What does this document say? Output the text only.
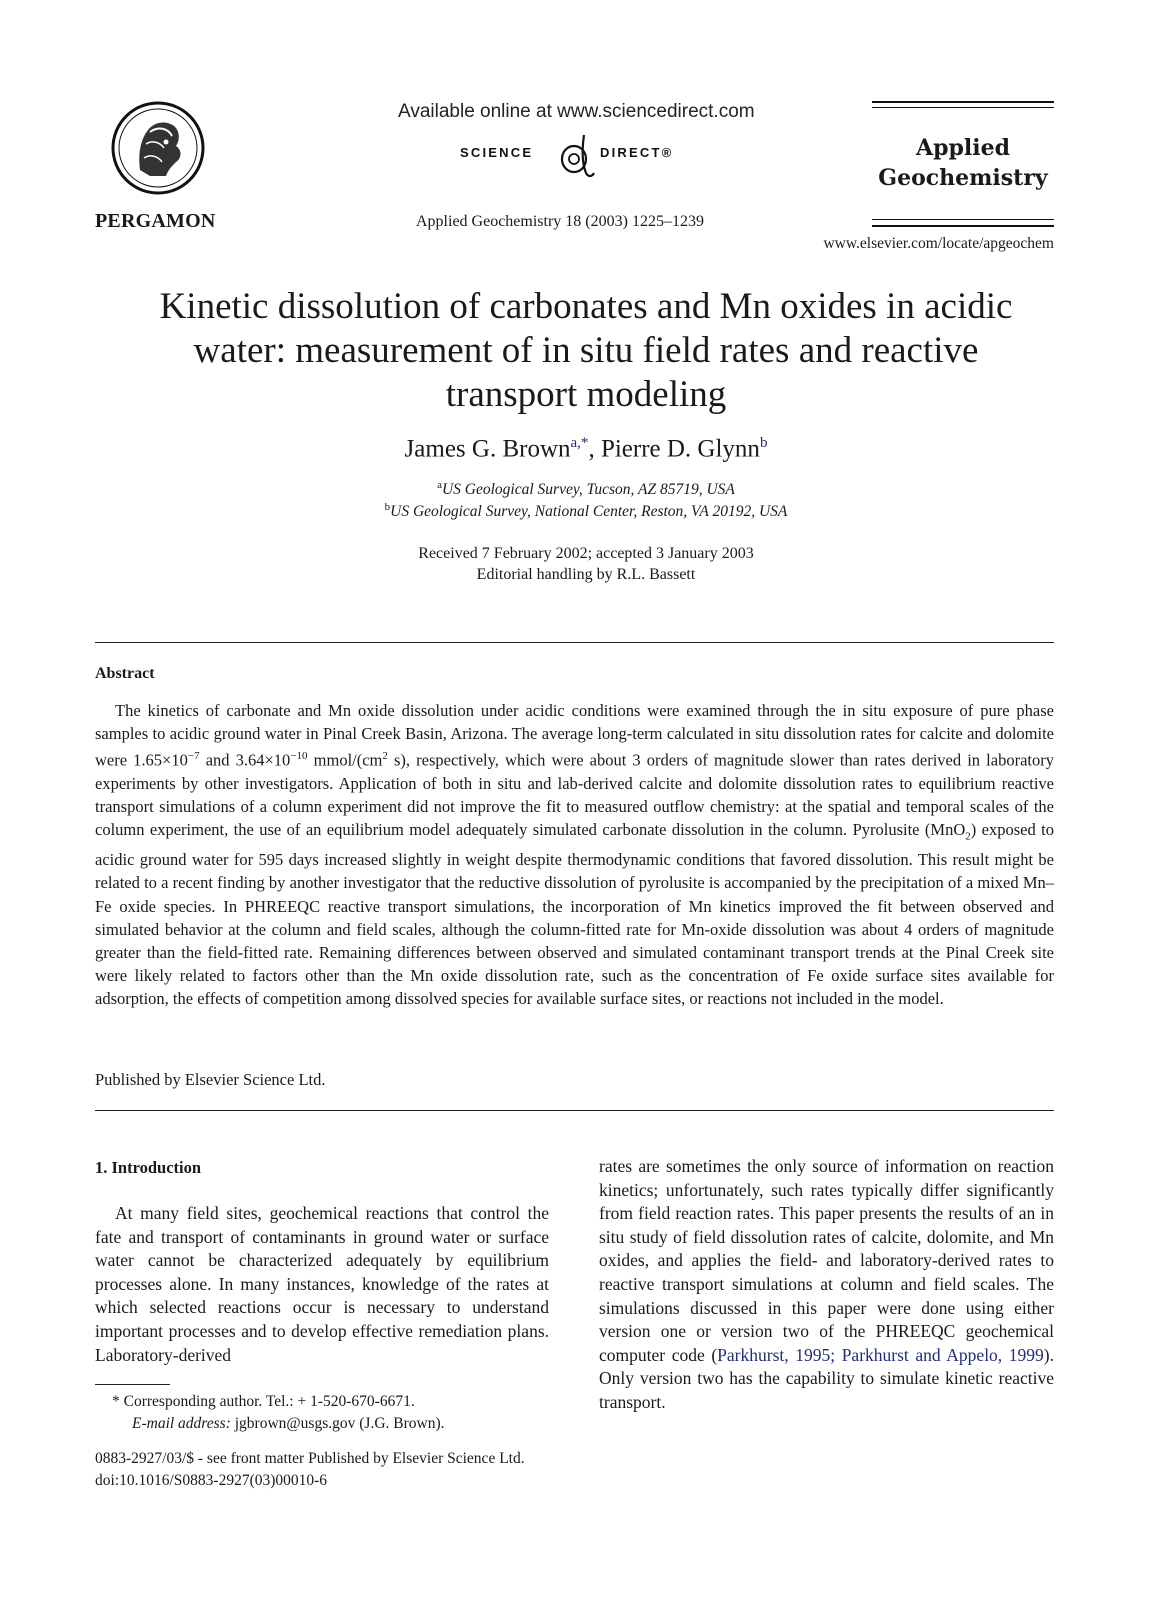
PERGAMON
Available online at www.sciencedirect.com
SCIENCE	DIRECT®
Applied Geochemistry 18 (2003) 1225–1239
Applied
Geochemistry
www.elsevier.com/locate/apgeochem
Kinetic dissolution of carbonates and Mn oxides in acidic
water: measurement of in situ field rates and reactive
transport modeling
James G. Brown$^{a,*}$, Pierre D. Glynn$^b$
$^a$US Geological Survey, Tucson, AZ 85719, USA
$^b$US Geological Survey, National Center, Reston, VA 20192, USA
Received 7 February 2002; accepted 3 January 2003
Editorial handling by R.L. Bassett
Abstract
The kinetics of carbonate and Mn oxide dissolution under acidic conditions were examined through the in situ exposure of pure phase samples to acidic ground water in Pinal Creek Basin, Arizona. The average long-term calculated in situ dissolution rates for calcite and dolomite were $1.65\times 10^{-7}$ and $3.64\times 10^{-10}$ mmol/($cm^2$ s), respectively, which were about 3 orders of magnitude slower than rates derived in laboratory experiments by other investigators. Application of both in situ and lab-derived calcite and dolomite dissolution rates to equilibrium reactive transport simulations of a column experiment did not improve the fit to measured outflow chemistry: at the spatial and temporal scales of the column experiment, the use of an equilibrium model adequately simulated carbonate dissolution in the column. Pyrolusite (MnO$_2$) exposed to acidic ground water for 595 days increased slightly in weight despite thermodynamic conditions that favored dissolution. This result might be related to a recent finding by another investigator that the reductive dissolution of pyrolusite is accompanied by the precipitation of a mixed Mn–Fe oxide species. In PHREEQC reactive transport simulations, the incorporation of Mn kinetics improved the fit between observed and simulated behavior at the column and field scales, although the column-fitted rate for Mn-oxide dissolution was about 4 orders of magnitude greater than the field-fitted rate. Remaining differences between observed and simulated contaminant transport trends at the Pinal Creek site were likely related to factors other than the Mn oxide dissolution rate, such as the concentration of Fe oxide surface sites available for adsorption, the effects of competition among dissolved species for available surface sites, or reactions not included in the model.
Published by Elsevier Science Ltd.
1. Introduction
At many field sites, geochemical reactions that control the fate and transport of contaminants in ground water or surface water cannot be characterized adequately by equilibrium processes alone. In many instances, knowledge of the rates at which selected reactions occur is necessary to understand important processes and to develop effective remediation plans. Laboratory-derived
rates are sometimes the only source of information on reaction kinetics; unfortunately, such rates typically differ significantly from field reaction rates. This paper presents the results of an in situ study of field dissolution rates of calcite, dolomite, and Mn oxides, and applies the field- and laboratory-derived rates to reactive transport simulations at column and field scales. The simulations discussed in this paper were done using either version one or version two of the PHREEQC geochemical computer code (Parkhurst, 1995; Parkhurst and Appelo, 1999). Only version two has the capability to simulate kinetic reactive transport.
* Corresponding author. Tel.: + 1-520-670-6671.
E-mail address: jgbrown@usgs.gov (J.G. Brown).
0883-2927/03/$ - see front matter Published by Elsevier Science Ltd.
doi:10.1016/S0883-2927(03)00010-6
